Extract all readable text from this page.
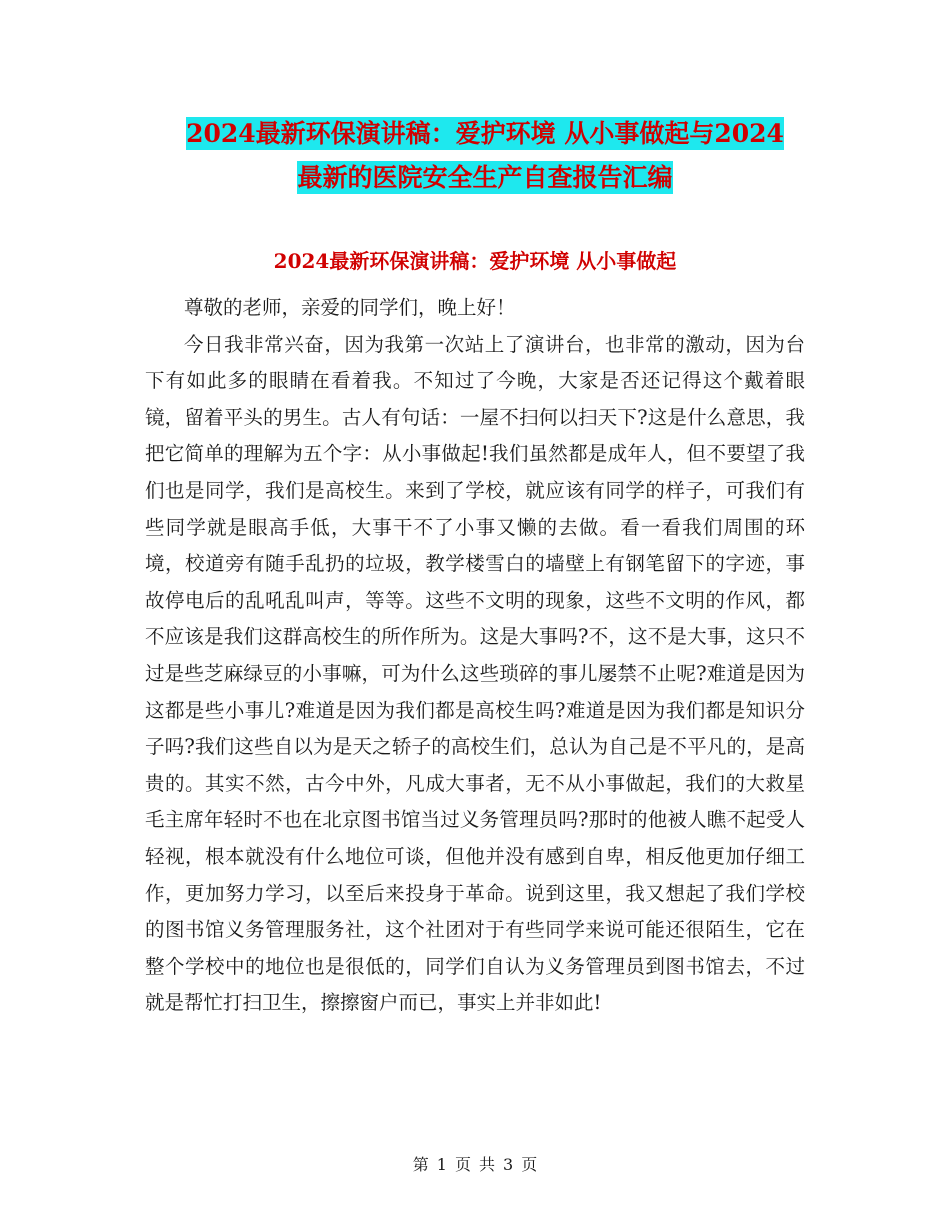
2024最新环保演讲稿：爱护环境 从小事做起与2024
最新的医院安全生产自查报告汇编
2024最新环保演讲稿：爱护环境 从小事做起

尊敬的老师，亲爱的同学们，晚上好！

今日我非常兴奋，因为我第一次站上了演讲台，也非常的激动，因为台下有如此多的眼睛在看着我。不知过了今晚，大家是否还记得这个戴着眼镜，留着平头的男生。古人有句话：一屋不扫何以扫天下?这是什么意思，我把它简单的理解为五个字：从小事做起!我们虽然都是成年人，但不要望了我们也是同学，我们是高校生。来到了学校，就应该有同学的样子，可我们有些同学就是眼高手低，大事干不了小事又懒的去做。看一看我们周围的环境，校道旁有随手乱扔的垃圾，教学楼雪白的墙壁上有钢笔留下的字迹，事故停电后的乱吼乱叫声，等等。这些不文明的现象，这些不文明的作风，都不应该是我们这群高校生的所作所为。这是大事吗?不，这不是大事，这只不过是些芝麻绿豆的小事嘛，可为什么这些琐碎的事儿屡禁不止呢?难道是因为这都是些小事儿?难道是因为我们都是高校生吗?难道是因为我们都是知识分子吗?我们这些自以为是天之轿子的高校生们，总认为自己是不平凡的，是高贵的。其实不然，古今中外，凡成大事者，无不从小事做起，我们的大救星毛主席年轻时不也在北京图书馆当过义务管理员吗?那时的他被人瞧不起受人轻视，根本就没有什么地位可谈，但他并没有感到自卑，相反他更加仔细工作，更加努力学习，以至后来投身于革命。说到这里，我又想起了我们学校的图书馆义务管理服务社，这个社团对于有些同学来说可能还很陌生，它在整个学校中的地位也是很低的，同学们自认为义务管理员到图书馆去，不过就是帮忙打扫卫生，擦擦窗户而已，事实上并非如此!

第 1 页 共 3 页
